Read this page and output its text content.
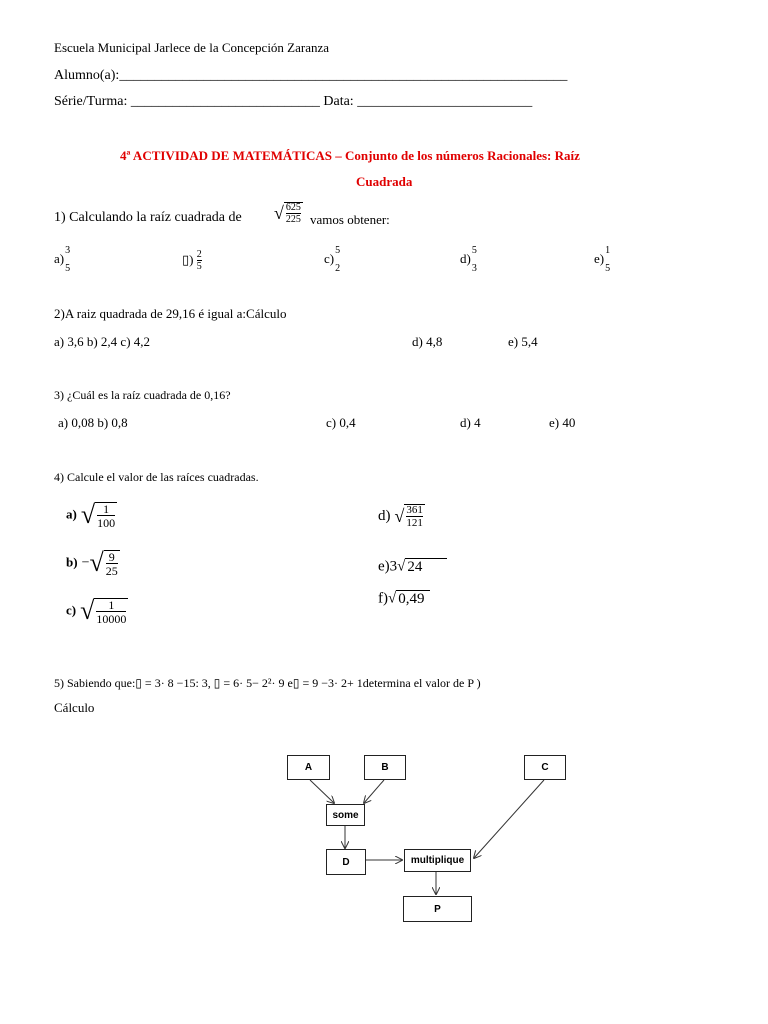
Escuela Municipal Jarlece de la Concepción Zaranza
Alumno(a):________________________________________________________________
Série/Turma: ___________________________ Data: _________________________
4ª ACTIVIDAD DE MATEMÁTICAS – Conjunto de los números Racionales: Raíz
Cuadrada
1) Calculando la raíz cuadrada de √ $\frac{625}{225}$ vamos obtener:
a)
3
5
▯) $\frac{2}{5}$	c)
5
2
d)
5
3
e)
1
5
2)A raiz quadrada de 29,16 é igual a:Cálculo
a) 3,6 b) 2,4 c) 4,2	d) 4,8	e) 5,4
3) ¿Cuál es la raíz cuadrada de 0,16?
a) 0,08 b) 0,8	c) 0,4	d) 4	e) 40
4) Calcule el valor de las raíces cuadradas.
a) √ $\frac{1}{100}$
b) −√ $\frac{9}{25}$
c) √ $\frac{1}{10000}$
d) √ $\frac{361}{121}$
e)3√ 24
f)√ 0,49
5) Sabiendo que:▯ = 3· 8 −15: 3, ▯ = 6· 5− 2²· 9 e▯ = 9 −3· 2+ 1determina el valor de P )
Cálculo
A	B	C
some
D	multiplique
P
